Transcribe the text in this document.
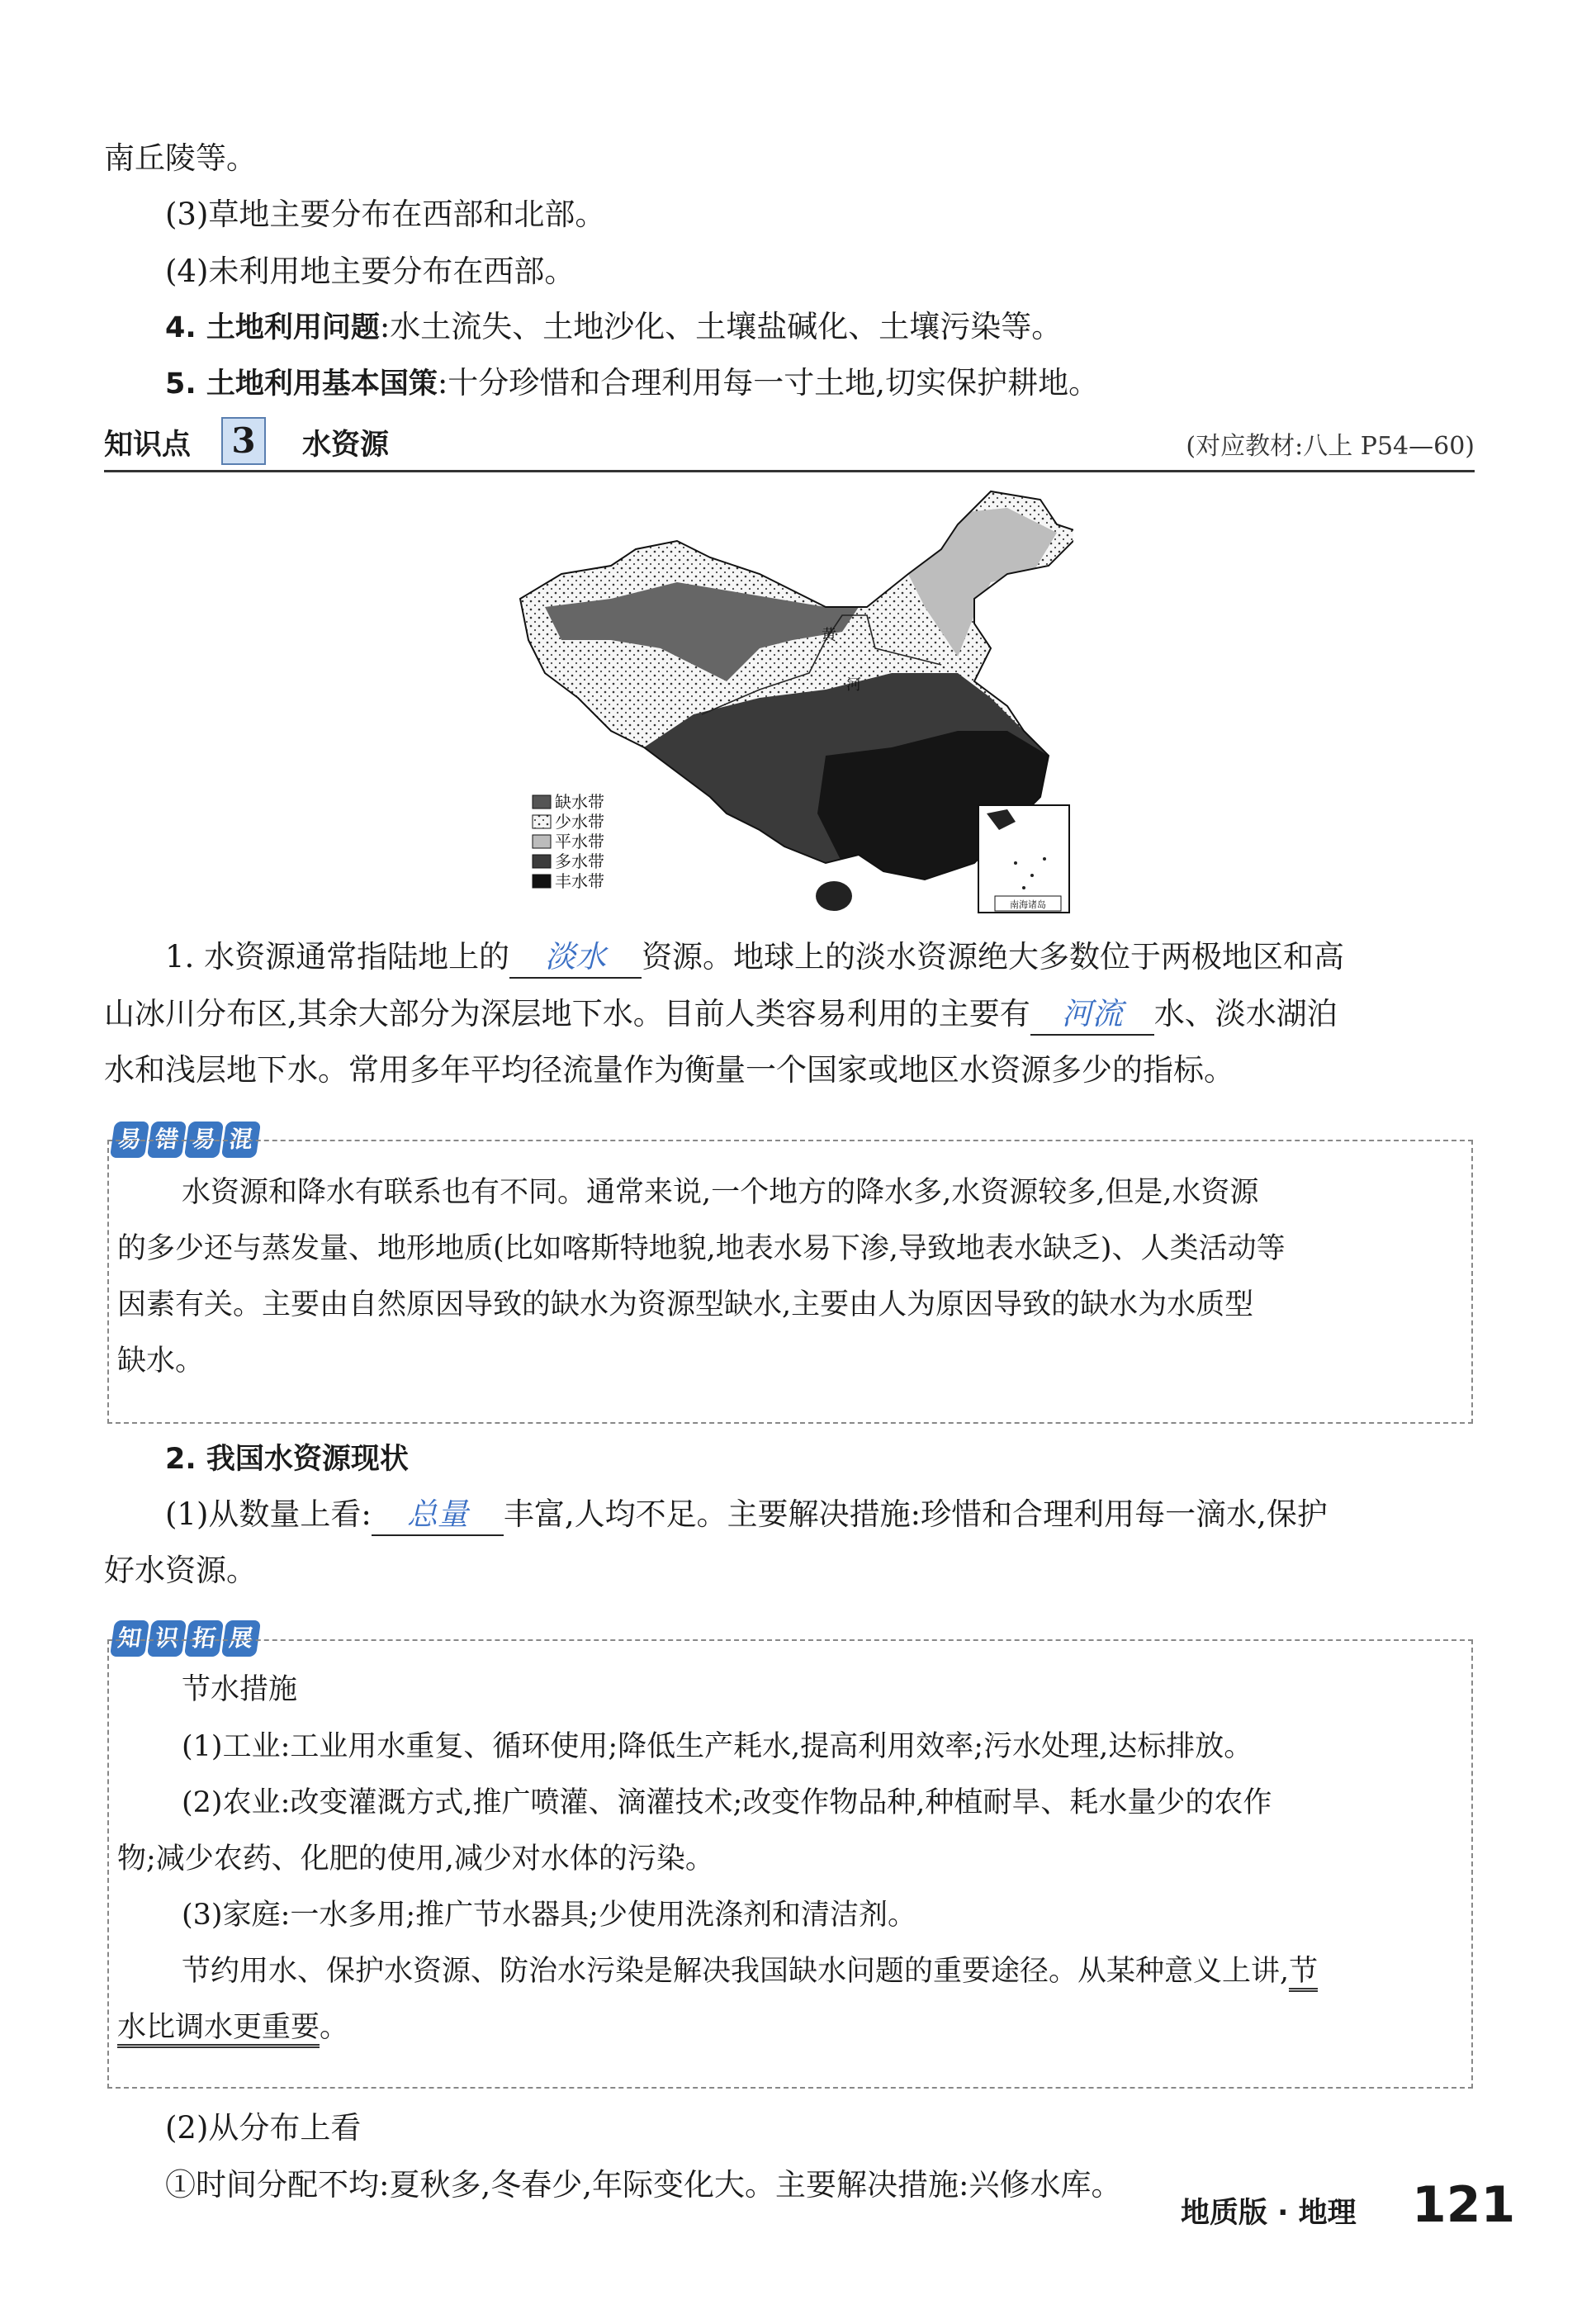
南丘陵等。
(3)草地主要分布在西部和北部。
(4)未利用地主要分布在西部。
4. 土地利用问题:水土流失、土地沙化、土壤盐碱化、土壤污染等。
5. 土地利用基本国策:十分珍惜和合理利用每一寸土地,切实保护耕地。
知识点 3	水资源	(对应教材:八上 P54—60)
黄
河
南海诸岛
缺水带
少水带
平水带
多水带
丰水带
1. 水资源通常指陆地上的 淡水 资源。地球上的淡水资源绝大多数位于两极地区和高
山冰川分布区,其余大部分为深层地下水。目前人类容易利用的主要有 河流 水、淡水湖泊
水和浅层地下水。常用多年平均径流量作为衡量一个国家或地区水资源多少的指标。
易 错 易 混
水资源和降水有联系也有不同。通常来说,一个地方的降水多,水资源较多,但是,水资源
的多少还与蒸发量、地形地质(比如喀斯特地貌,地表水易下渗,导致地表水缺乏)、人类活动等
因素有关。主要由自然原因导致的缺水为资源型缺水,主要由人为原因导致的缺水为水质型
缺水。
2. 我国水资源现状
(1)从数量上看: 总量 丰富,人均不足。主要解决措施:珍惜和合理利用每一滴水,保护
好水资源。
知 识 拓 展
节水措施
(1)工业:工业用水重复、循环使用;降低生产耗水,提高利用效率;污水处理,达标排放。
(2)农业:改变灌溉方式,推广喷灌、滴灌技术;改变作物品种,种植耐旱、耗水量少的农作
物;减少农药、化肥的使用,减少对水体的污染。
(3)家庭:一水多用;推广节水器具;少使用洗涤剂和清洁剂。
节约用水、保护水资源、防治水污染是解决我国缺水问题的重要途径。从某种意义上讲,节
水比调水更重要。
(2)从分布上看
①时间分配不均:夏秋多,冬春少,年际变化大。主要解决措施:兴修水库。
地质版 · 地理 121
